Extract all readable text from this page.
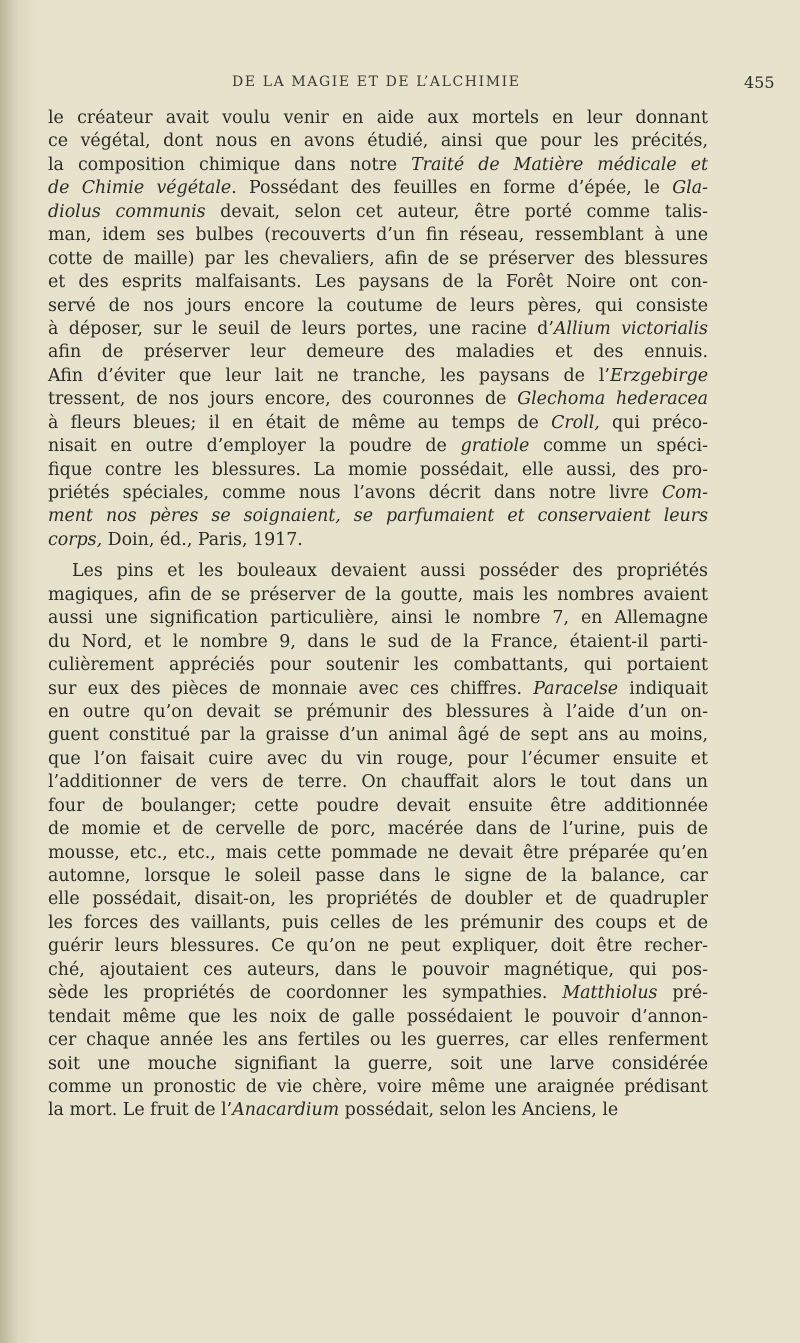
DE LA MAGIE ET DE L’ALCHIMIE	455
le créateur avait voulu venir en aide aux mortels en leur donnant
ce végétal, dont nous en avons étudié, ainsi que pour les précités,
la composition chimique dans notre Traité de Matière médicale et
de Chimie végétale. Possédant des feuilles en forme d’épée, le Gla-
diolus communis devait, selon cet auteur, être porté comme talis-
man, idem ses bulbes (recouverts d’un fin réseau, ressemblant à une
cotte de maille) par les chevaliers, afin de se préserver des blessures
et des esprits malfaisants. Les paysans de la Forêt Noire ont con-
servé de nos jours encore la coutume de leurs pères, qui consiste
à déposer, sur le seuil de leurs portes, une racine d’Allium victorialis
afin de préserver leur demeure des maladies et des ennuis.
Afin d’éviter que leur lait ne tranche, les paysans de l’Erzgebirge
tressent, de nos jours encore, des couronnes de Glechoma hederacea
à fleurs bleues; il en était de même au temps de Croll, qui préco-
nisait en outre d’employer la poudre de gratiole comme un spéci-
fique contre les blessures. La momie possédait, elle aussi, des pro-
priétés spéciales, comme nous l’avons décrit dans notre livre Com-
ment nos pères se soignaient, se parfumaient et conservaient leurs
corps, Doin, éd., Paris, 1917.
Les pins et les bouleaux devaient aussi posséder des propriétés
magiques, afin de se préserver de la goutte, mais les nombres avaient
aussi une signification particulière, ainsi le nombre 7, en Allemagne
du Nord, et le nombre 9, dans le sud de la France, étaient-il parti-
culièrement appréciés pour soutenir les combattants, qui portaient
sur eux des pièces de monnaie avec ces chiffres. Paracelse indiquait
en outre qu’on devait se prémunir des blessures à l’aide d’un on-
guent constitué par la graisse d’un animal âgé de sept ans au moins,
que l’on faisait cuire avec du vin rouge, pour l’écumer ensuite et
l’additionner de vers de terre. On chauffait alors le tout dans un
four de boulanger; cette poudre devait ensuite être additionnée
de momie et de cervelle de porc, macérée dans de l’urine, puis de
mousse, etc., etc., mais cette pommade ne devait être préparée qu’en
automne, lorsque le soleil passe dans le signe de la balance, car
elle possédait, disait-on, les propriétés de doubler et de quadrupler
les forces des vaillants, puis celles de les prémunir des coups et de
guérir leurs blessures. Ce qu’on ne peut expliquer, doit être recher-
ché, ajoutaient ces auteurs, dans le pouvoir magnétique, qui pos-
sède les propriétés de coordonner les sympathies. Matthiolus pré-
tendait même que les noix de galle possédaient le pouvoir d’annon-
cer chaque année les ans fertiles ou les guerres, car elles renferment
soit une mouche signifiant la guerre, soit une larve considérée
comme un pronostic de vie chère, voire même une araignée prédisant
la mort. Le fruit de l’Anacardium possédait, selon les Anciens, le
